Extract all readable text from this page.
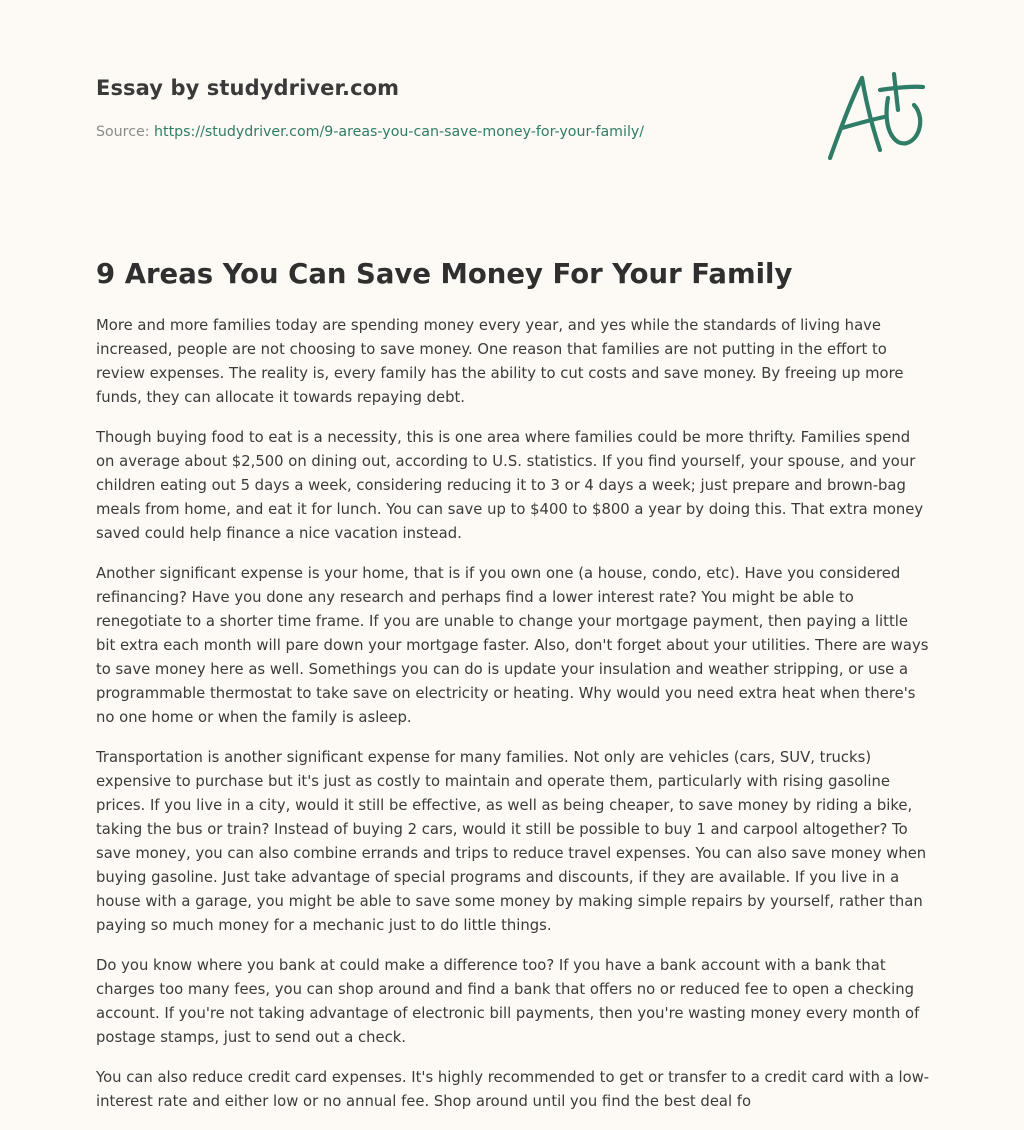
Essay by studydriver.com

Source: https://studydriver.com/9-areas-you-can-save-money-for-your-family/
9 Areas You Can Save Money For Your Family

More and more families today are spending money every year, and yes while the standards of living have increased, people are not choosing to save money. One reason that families are not putting in the effort to review expenses. The reality is, every family has the ability to cut costs and save money. By freeing up more funds, they can allocate it towards repaying debt.

Though buying food to eat is a necessity, this is one area where families could be more thrifty. Families spend on average about $2,500 on dining out, according to U.S. statistics. If you find yourself, your spouse, and your children eating out 5 days a week, considering reducing it to 3 or 4 days a week; just prepare and brown-bag meals from home, and eat it for lunch. You can save up to $400 to $800 a year by doing this. That extra money saved could help finance a nice vacation instead.

Another significant expense is your home, that is if you own one (a house, condo, etc). Have you considered refinancing? Have you done any research and perhaps find a lower interest rate? You might be able to renegotiate to a shorter time frame. If you are unable to change your mortgage payment, then paying a little bit extra each month will pare down your mortgage faster. Also, don't forget about your utilities. There are ways to save money here as well. Somethings you can do is update your insulation and weather stripping, or use a programmable thermostat to take save on electricity or heating. Why would you need extra heat when there's no one home or when the family is asleep.

Transportation is another significant expense for many families. Not only are vehicles (cars, SUV, trucks) expensive to purchase but it's just as costly to maintain and operate them, particularly with rising gasoline prices. If you live in a city, would it still be effective, as well as being cheaper, to save money by riding a bike, taking the bus or train? Instead of buying 2 cars, would it still be possible to buy 1 and carpool altogether? To save money, you can also combine errands and trips to reduce travel expenses. You can also save money when buying gasoline. Just take advantage of special programs and discounts, if they are available. If you live in a house with a garage, you might be able to save some money by making simple repairs by yourself, rather than paying so much money for a mechanic just to do little things.

Do you know where you bank at could make a difference too? If you have a bank account with a bank that charges too many fees, you can shop around and find a bank that offers no or reduced fee to open a checking account. If you're not taking advantage of electronic bill payments, then you're wasting money every month of postage stamps, just to send out a check.

You can also reduce credit card expenses. It's highly recommended to get or transfer to a credit card with a low-interest rate and either low or no annual fee. Shop around until you find the best deal fo
